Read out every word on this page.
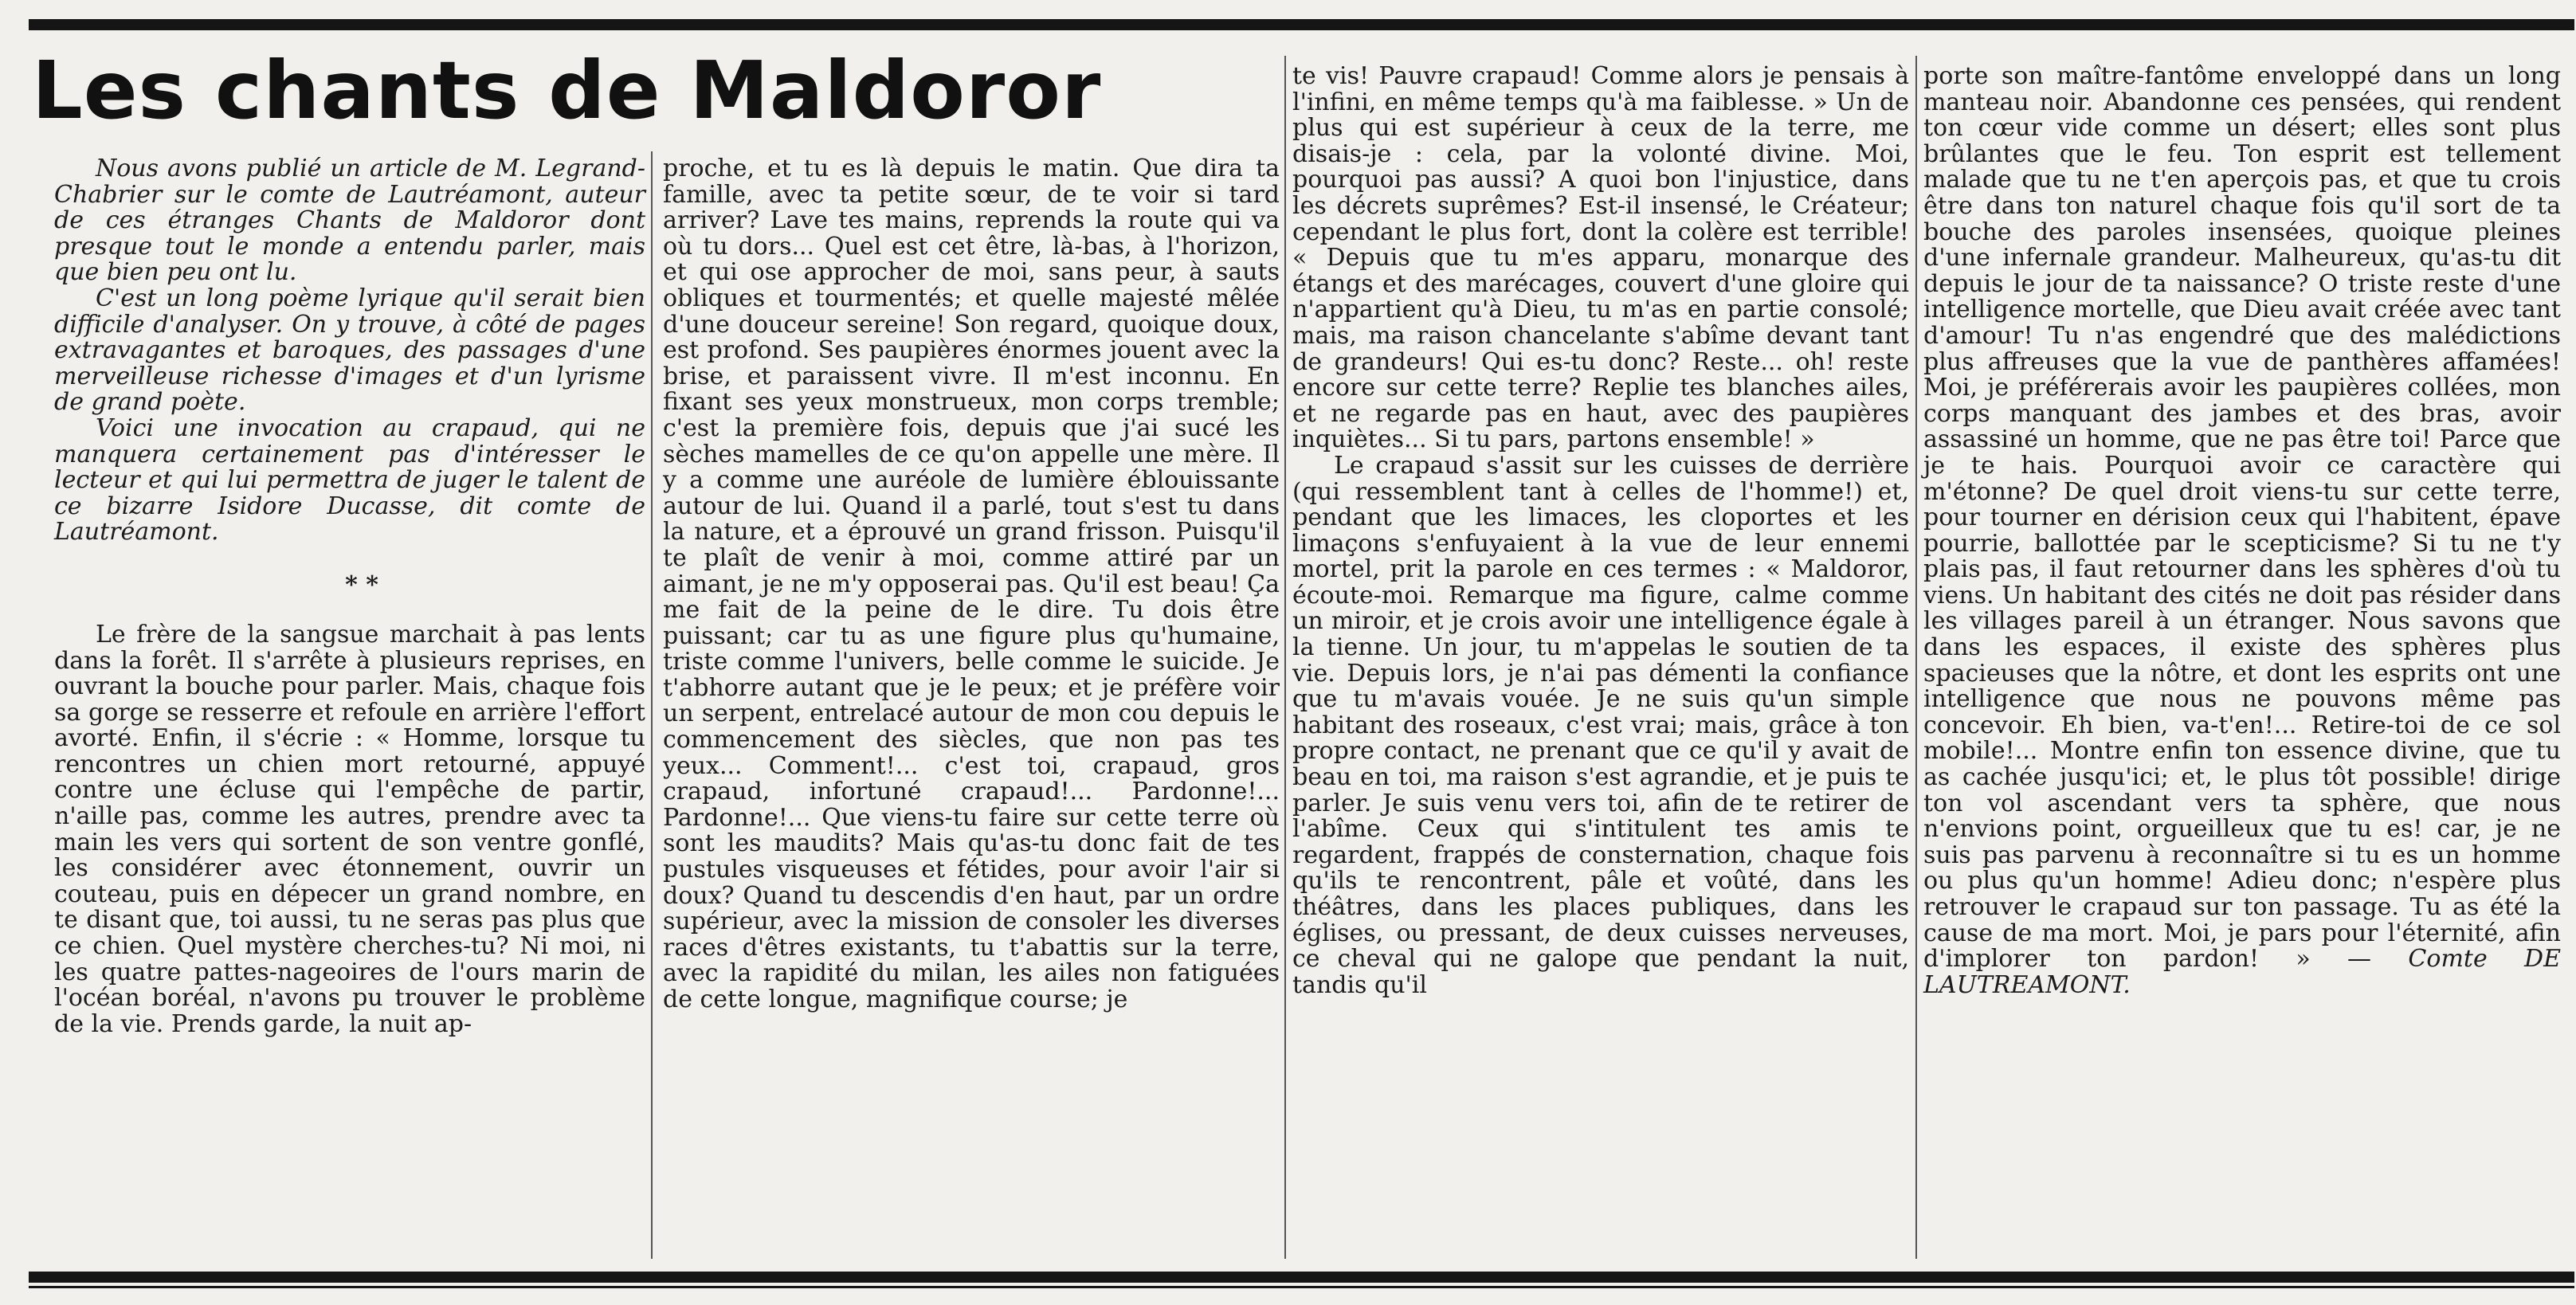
Les chants de Maldoror

Nous avons publié un article de M. Legrand-Chabrier sur le comte de Lautréamont, auteur de ces étranges Chants de Maldoror dont presque tout le monde a entendu parler, mais que bien peu ont lu.

C'est un long poème lyrique qu'il serait bien difficile d'analyser. On y trouve, à côté de pages extravagantes et baroques, des passages d'une merveilleuse richesse d'images et d'un lyrisme de grand poète.

Voici une invocation au crapaud, qui ne manquera certainement pas d'intéresser le lecteur et qui lui permettra de juger le talent de ce bizarre Isidore Ducasse, dit comte de Lautréamont.

* *

Le frère de la sangsue marchait à pas lents dans la forêt. Il s'arrête à plusieurs reprises, en ouvrant la bouche pour parler. Mais, chaque fois sa gorge se resserre et refoule en arrière l'effort avorté. Enfin, il s'écrie : « Homme, lorsque tu rencontres un chien mort retourné, appuyé contre une écluse qui l'empêche de partir, n'aille pas, comme les autres, prendre avec ta main les vers qui sortent de son ventre gonflé, les considérer avec étonnement, ouvrir un couteau, puis en dépecer un grand nombre, en te disant que, toi aussi, tu ne seras pas plus que ce chien. Quel mystère cherches-tu? Ni moi, ni les quatre pattes-nageoires de l'ours marin de l'océan boréal, n'avons pu trouver le problème de la vie. Prends garde, la nuit ap-

proche, et tu es là depuis le matin. Que dira ta famille, avec ta petite sœur, de te voir si tard arriver? Lave tes mains, reprends la route qui va où tu dors... Quel est cet être, là-bas, à l'horizon, et qui ose approcher de moi, sans peur, à sauts obliques et tourmentés; et quelle majesté mêlée d'une douceur sereine! Son regard, quoique doux, est profond. Ses paupières énormes jouent avec la brise, et paraissent vivre. Il m'est inconnu. En fixant ses yeux monstrueux, mon corps tremble; c'est la première fois, depuis que j'ai sucé les sèches mamelles de ce qu'on appelle une mère. Il y a comme une auréole de lumière éblouissante autour de lui. Quand il a parlé, tout s'est tu dans la nature, et a éprouvé un grand frisson. Puisqu'il te plaît de venir à moi, comme attiré par un aimant, je ne m'y opposerai pas. Qu'il est beau! Ça me fait de la peine de le dire. Tu dois être puissant; car tu as une figure plus qu'humaine, triste comme l'univers, belle comme le suicide. Je t'abhorre autant que je le peux; et je préfère voir un serpent, entrelacé autour de mon cou depuis le commencement des siècles, que non pas tes yeux... Comment!... c'est toi, crapaud, gros crapaud, infortuné crapaud!... Pardonne!... Pardonne!... Que viens-tu faire sur cette terre où sont les maudits? Mais qu'as-tu donc fait de tes pustules visqueuses et fétides, pour avoir l'air si doux? Quand tu descendis d'en haut, par un ordre supérieur, avec la mission de consoler les diverses races d'êtres existants, tu t'abattis sur la terre, avec la rapidité du milan, les ailes non fatiguées de cette longue, magnifique course; je

te vis! Pauvre crapaud! Comme alors je pensais à l'infini, en même temps qu'à ma faiblesse. » Un de plus qui est supérieur à ceux de la terre, me disais-je : cela, par la volonté divine. Moi, pourquoi pas aussi? A quoi bon l'injustice, dans les décrets suprêmes? Est-il insensé, le Créateur; cependant le plus fort, dont la colère est terrible! « Depuis que tu m'es apparu, monarque des étangs et des marécages, couvert d'une gloire qui n'appartient qu'à Dieu, tu m'as en partie consolé; mais, ma raison chancelante s'abîme devant tant de grandeurs! Qui es-tu donc? Reste... oh! reste encore sur cette terre? Replie tes blanches ailes, et ne regarde pas en haut, avec des paupières inquiètes... Si tu pars, partons ensemble! »

Le crapaud s'assit sur les cuisses de derrière (qui ressemblent tant à celles de l'homme!) et, pendant que les limaces, les cloportes et les limaçons s'enfuyaient à la vue de leur ennemi mortel, prit la parole en ces termes : « Maldoror, écoute-moi. Remarque ma figure, calme comme un miroir, et je crois avoir une intelligence égale à la tienne. Un jour, tu m'appelas le soutien de ta vie. Depuis lors, je n'ai pas démenti la confiance que tu m'avais vouée. Je ne suis qu'un simple habitant des roseaux, c'est vrai; mais, grâce à ton propre contact, ne prenant que ce qu'il y avait de beau en toi, ma raison s'est agrandie, et je puis te parler. Je suis venu vers toi, afin de te retirer de l'abîme. Ceux qui s'intitulent tes amis te regardent, frappés de consternation, chaque fois qu'ils te rencontrent, pâle et voûté, dans les théâtres, dans les places publiques, dans les églises, ou pressant, de deux cuisses nerveuses, ce cheval qui ne galope que pendant la nuit, tandis qu'il

porte son maître-fantôme enveloppé dans un long manteau noir. Abandonne ces pensées, qui rendent ton cœur vide comme un désert; elles sont plus brûlantes que le feu. Ton esprit est tellement malade que tu ne t'en aperçois pas, et que tu crois être dans ton naturel chaque fois qu'il sort de ta bouche des paroles insensées, quoique pleines d'une infernale grandeur. Malheureux, qu'as-tu dit depuis le jour de ta naissance? O triste reste d'une intelligence mortelle, que Dieu avait créée avec tant d'amour! Tu n'as engendré que des malédictions plus affreuses que la vue de panthères affamées! Moi, je préférerais avoir les paupières collées, mon corps manquant des jambes et des bras, avoir assassiné un homme, que ne pas être toi! Parce que je te hais. Pourquoi avoir ce caractère qui m'étonne? De quel droit viens-tu sur cette terre, pour tourner en dérision ceux qui l'habitent, épave pourrie, ballottée par le scepticisme? Si tu ne t'y plais pas, il faut retourner dans les sphères d'où tu viens. Un habitant des cités ne doit pas résider dans les villages pareil à un étranger. Nous savons que dans les espaces, il existe des sphères plus spacieuses que la nôtre, et dont les esprits ont une intelligence que nous ne pouvons même pas concevoir. Eh bien, va-t'en!... Retire-toi de ce sol mobile!... Montre enfin ton essence divine, que tu as cachée jusqu'ici; et, le plus tôt possible! dirige ton vol ascendant vers ta sphère, que nous n'envions point, orgueilleux que tu es! car, je ne suis pas parvenu à reconnaître si tu es un homme ou plus qu'un homme! Adieu donc; n'espère plus retrouver le crapaud sur ton passage. Tu as été la cause de ma mort. Moi, je pars pour l'éternité, afin d'implorer ton pardon! » — Comte DE LAUTREAMONT.
